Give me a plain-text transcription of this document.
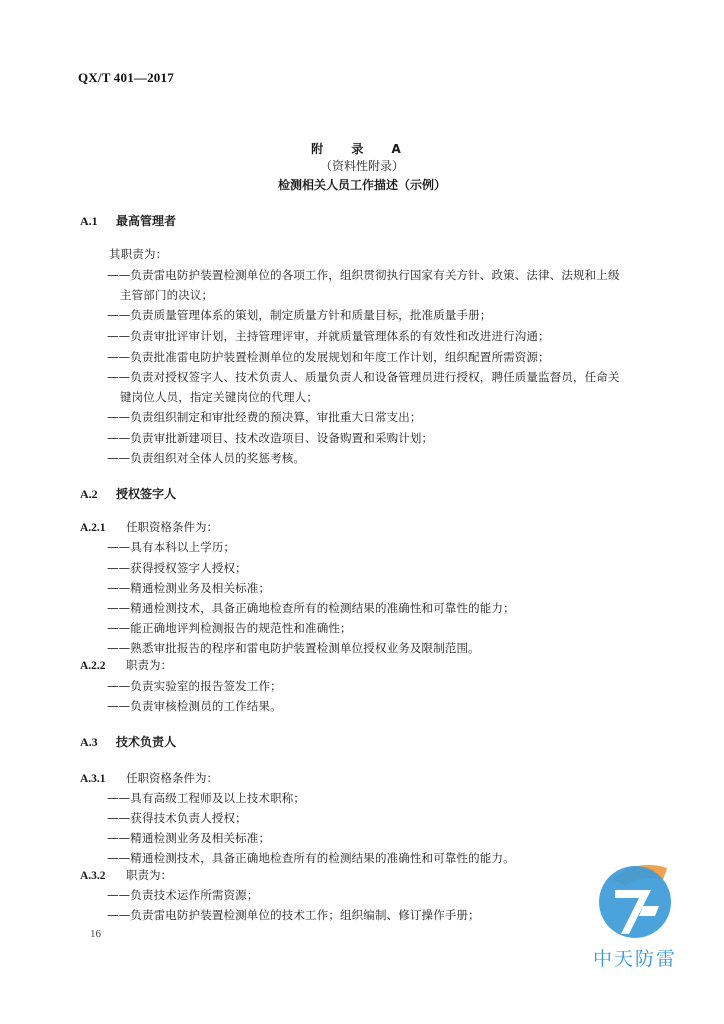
QX/T 401—2017
附 录 A
（资料性附录）
检测相关人员工作描述（示例）
A.1 最高管理者
其职责为：
——负责雷电防护装置检测单位的各项工作，组织贯彻执行国家有关方针、政策、法律、法规和上级
主管部门的决议；
——负责质量管理体系的策划，制定质量方针和质量目标，批准质量手册；
——负责审批评审计划，主持管理评审，并就质量管理体系的有效性和改进进行沟通；
——负责批准雷电防护装置检测单位的发展规划和年度工作计划，组织配置所需资源；
——负责对授权签字人、技术负责人、质量负责人和设备管理员进行授权，聘任质量监督员，任命关
键岗位人员，指定关键岗位的代理人；
——负责组织制定和审批经费的预决算，审批重大日常支出；
——负责审批新建项目、技术改造项目、设备购置和采购计划；
——负责组织对全体人员的奖惩考核。
A.2 授权签字人
A.2.1 任职资格条件为：
——具有本科以上学历；
——获得授权签字人授权；
——精通检测业务及相关标准；
——精通检测技术，具备正确地检查所有的检测结果的准确性和可靠性的能力；
——能正确地评判检测报告的规范性和准确性；
——熟悉审批报告的程序和雷电防护装置检测单位授权业务及限制范围。
A.2.2 职责为：
——负责实验室的报告签发工作；
——负责审核检测员的工作结果。
A.3 技术负责人
A.3.1 任职资格条件为：
——具有高级工程师及以上技术职称；
——获得技术负责人授权；
——精通检测业务及相关标准；
——精通检测技术，具备正确地检查所有的检测结果的准确性和可靠性的能力。
A.3.2 职责为：
——负责技术运作所需资源；
——负责雷电防护装置检测单位的技术工作；组织编制、修订操作手册；
16
中天防雷
